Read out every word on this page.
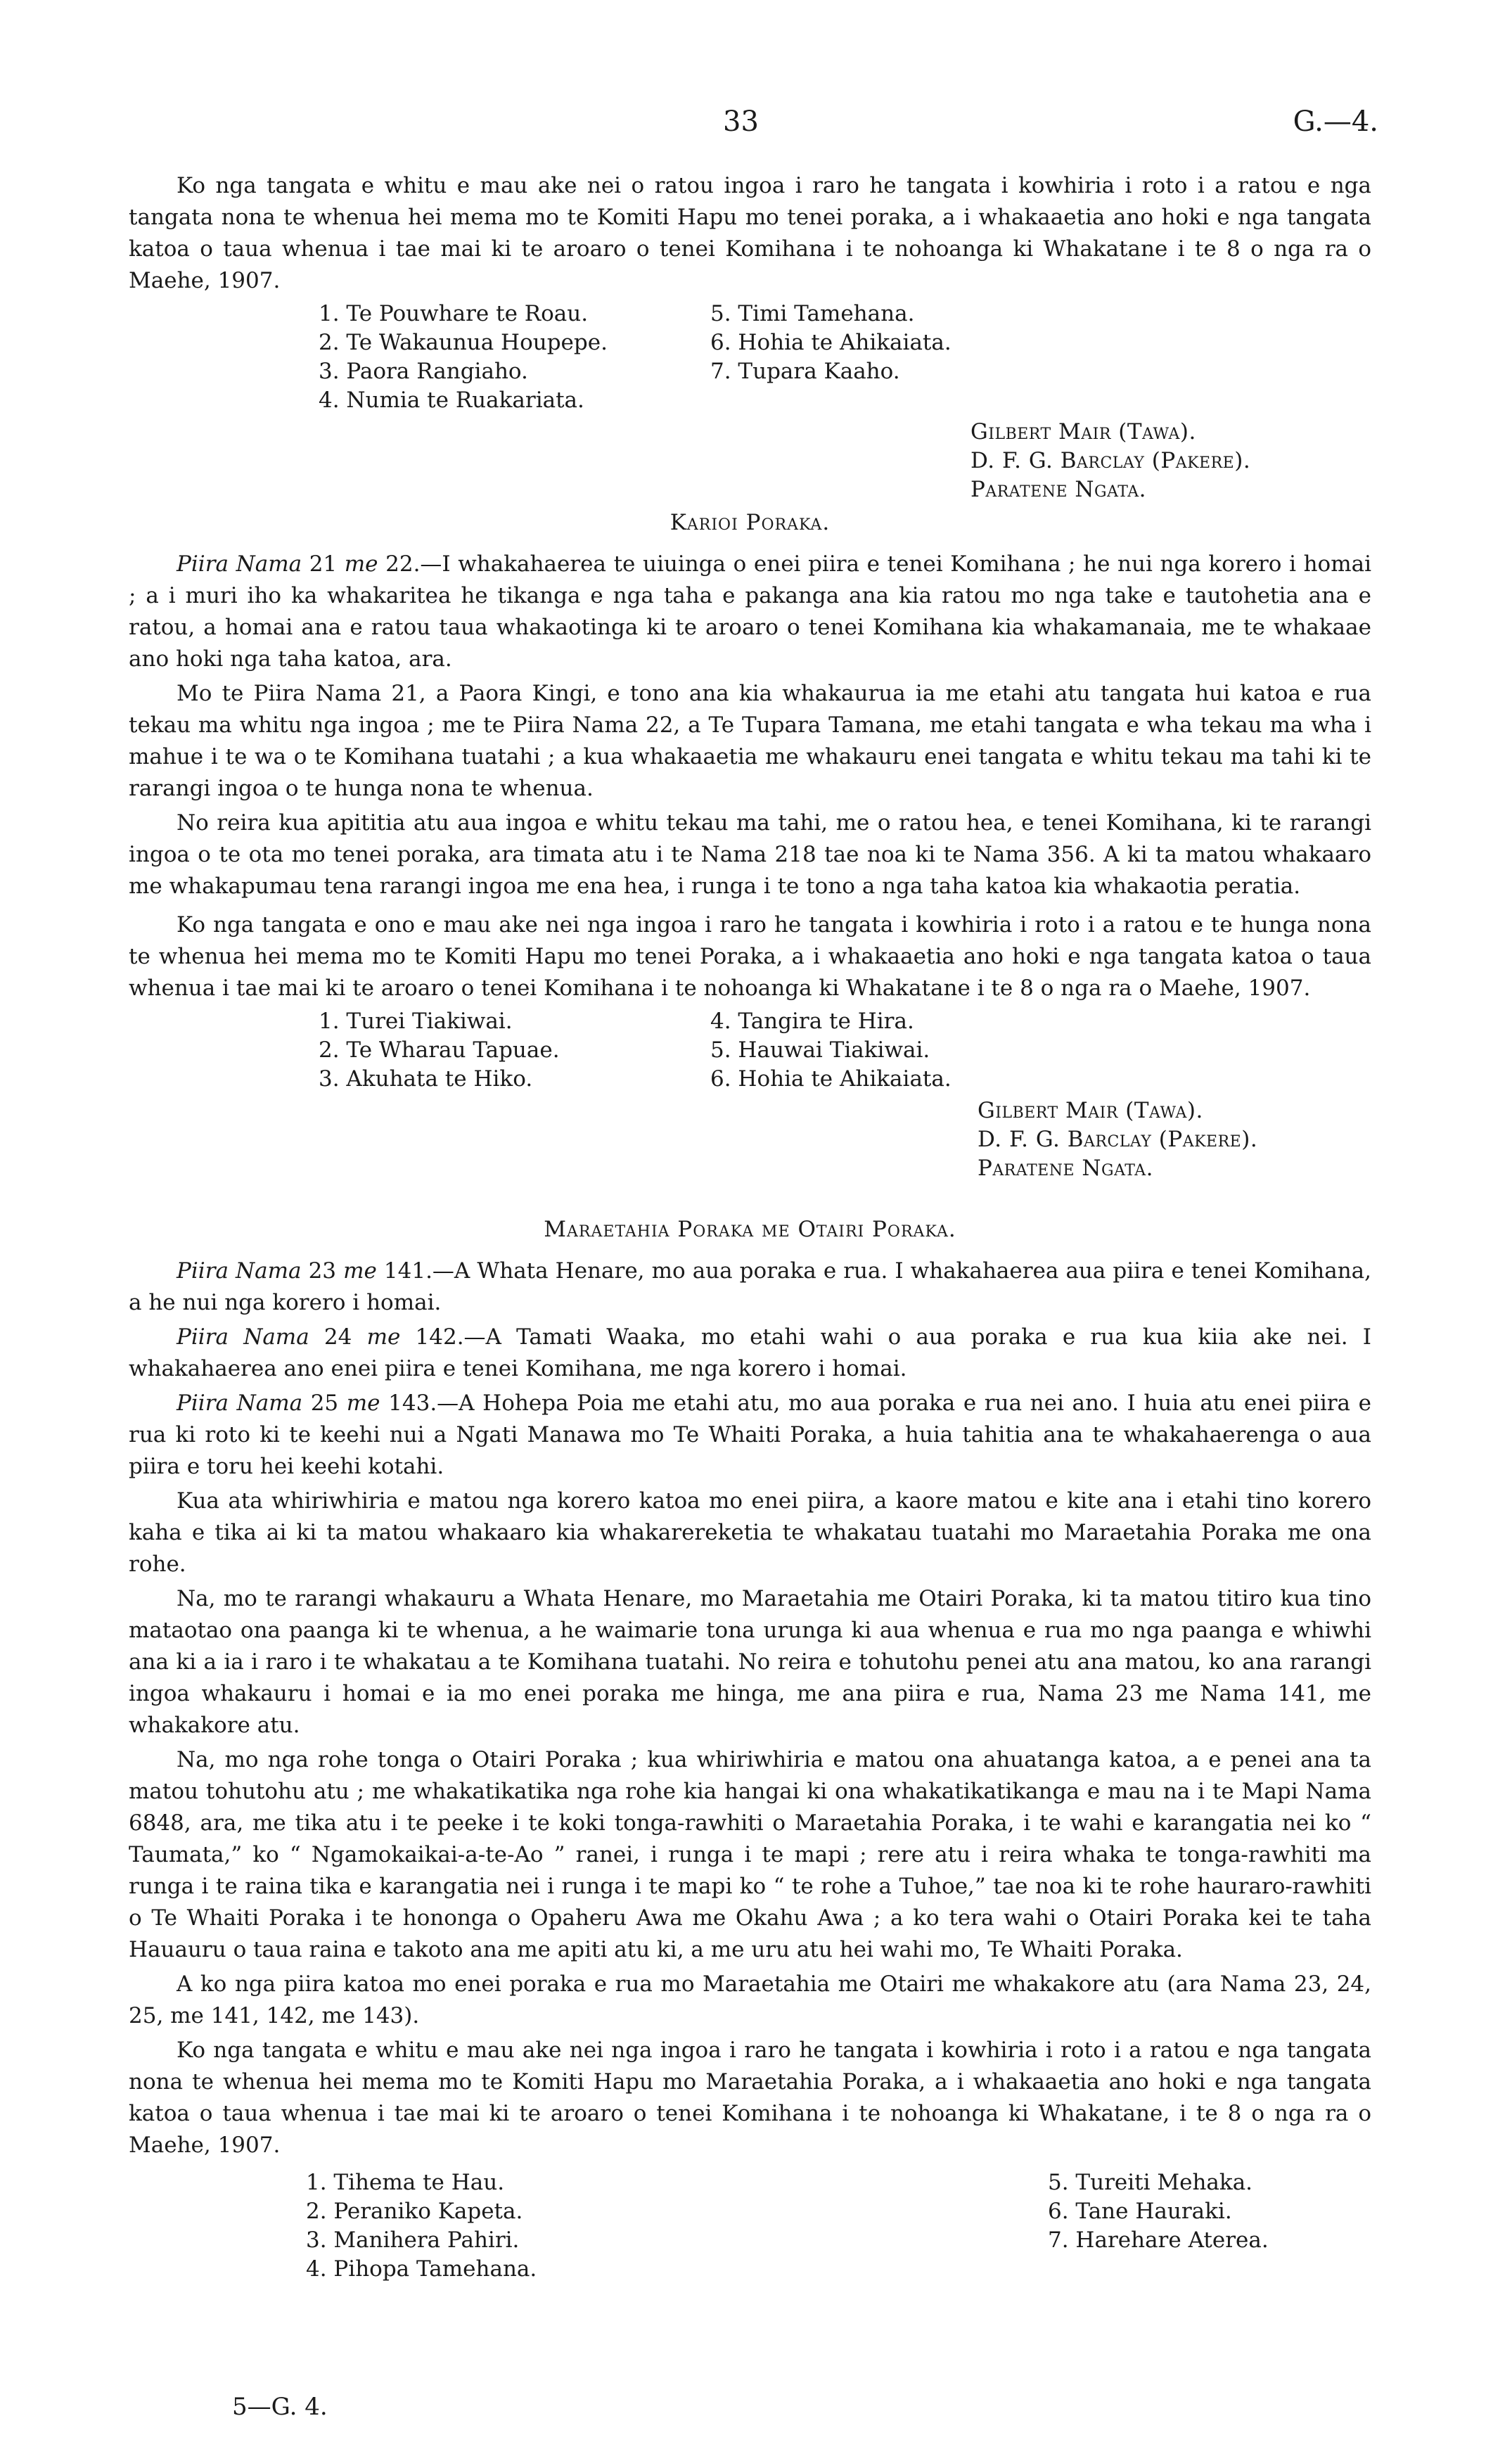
33	G.—4.

Ko nga tangata e whitu e mau ake nei o ratou ingoa i raro he tangata i kowhiria i roto i a ratou e nga tangata nona te whenua hei mema mo te Komiti Hapu mo tenei poraka, a i whakaaetia ano hoki e nga tangata katoa o taua whenua i tae mai ki te aroaro o tenei Komihana i te nohoanga ki Whakatane i te 8 o nga ra o Maehe, 1907.

1. Te Pouwhare te Roau.
2. Te Wakaunua Houpepe.
3. Paora Rangiaho.
4. Numia te Ruakariata.
5. Timi Tamehana.
6. Hohia te Ahikaiata.
7. Tupara Kaaho.
Gilbert Mair (Tawa).
D. F. G. Barclay (Pakere).
Paratene Ngata.
Karioi Poraka.

Piira Nama 21 me 22.—I whakahaerea te uiuinga o enei piira e tenei Komihana ; he nui nga korero i homai ; a i muri iho ka whakaritea he tikanga e nga taha e pakanga ana kia ratou mo nga take e tautohetia ana e ratou, a homai ana e ratou taua whakaotinga ki te aroaro o tenei Komihana kia whakamanaia, me te whakaae ano hoki nga taha katoa, ara.

Mo te Piira Nama 21, a Paora Kingi, e tono ana kia whakaurua ia me etahi atu tangata hui katoa e rua tekau ma whitu nga ingoa ; me te Piira Nama 22, a Te Tupara Tamana, me etahi tangata e wha tekau ma wha i mahue i te wa o te Komihana tuatahi ; a kua whakaaetia me whakauru enei tangata e whitu tekau ma tahi ki te rarangi ingoa o te hunga nona te whenua.

No reira kua apititia atu aua ingoa e whitu tekau ma tahi, me o ratou hea, e tenei Komihana, ki te rarangi ingoa o te ota mo tenei poraka, ara timata atu i te Nama 218 tae noa ki te Nama 356. A ki ta matou whakaaro me whakapumau tena rarangi ingoa me ena hea, i runga i te tono a nga taha katoa kia whakaotia peratia.

Ko nga tangata e ono e mau ake nei nga ingoa i raro he tangata i kowhiria i roto i a ratou e te hunga nona te whenua hei mema mo te Komiti Hapu mo tenei Poraka, a i whakaaetia ano hoki e nga tangata katoa o taua whenua i tae mai ki te aroaro o tenei Komihana i te nohoanga ki Whakatane i te 8 o nga ra o Maehe, 1907.

1. Turei Tiakiwai.
2. Te Wharau Tapuae.
3. Akuhata te Hiko.
4. Tangira te Hira.
5. Hauwai Tiakiwai.
6. Hohia te Ahikaiata.
Gilbert Mair (Tawa).
D. F. G. Barclay (Pakere).
Paratene Ngata.
Maraetahia Poraka me Otairi Poraka.

Piira Nama 23 me 141.—A Whata Henare, mo aua poraka e rua. I whakahaerea aua piira e tenei Komihana, a he nui nga korero i homai.

Piira Nama 24 me 142.—A Tamati Waaka, mo etahi wahi o aua poraka e rua kua kiia ake nei. I whakahaerea ano enei piira e tenei Komihana, me nga korero i homai.

Piira Nama 25 me 143.—A Hohepa Poia me etahi atu, mo aua poraka e rua nei ano. I huia atu enei piira e rua ki roto ki te keehi nui a Ngati Manawa mo Te Whaiti Poraka, a huia tahitia ana te whakahaerenga o aua piira e toru hei keehi kotahi.

Kua ata whiriwhiria e matou nga korero katoa mo enei piira, a kaore matou e kite ana i etahi tino korero kaha e tika ai ki ta matou whakaaro kia whakarereketia te whakatau tuatahi mo Maraetahia Poraka me ona rohe.

Na, mo te rarangi whakauru a Whata Henare, mo Maraetahia me Otairi Poraka, ki ta matou titiro kua tino mataotao ona paanga ki te whenua, a he waimarie tona urunga ki aua whenua e rua mo nga paanga e whiwhi ana ki a ia i raro i te whakatau a te Komihana tuatahi. No reira e tohutohu penei atu ana matou, ko ana rarangi ingoa whakauru i homai e ia mo enei poraka me hinga, me ana piira e rua, Nama 23 me Nama 141, me whakakore atu.

Na, mo nga rohe tonga o Otairi Poraka ; kua whiriwhiria e matou ona ahuatanga katoa, a e penei ana ta matou tohutohu atu ; me whakatikatika nga rohe kia hangai ki ona whakatikatikanga e mau na i te Mapi Nama 6848, ara, me tika atu i te peeke i te koki tonga-rawhiti o Maraetahia Poraka, i te wahi e karangatia nei ko “ Taumata,” ko “ Ngamokaikai-a-te-Ao ” ranei, i runga i te mapi ; rere atu i reira whaka te tonga-rawhiti ma runga i te raina tika e karangatia nei i runga i te mapi ko “ te rohe a Tuhoe,” tae noa ki te rohe hauraro-rawhiti o Te Whaiti Poraka i te hononga o Opaheru Awa me Okahu Awa ; a ko tera wahi o Otairi Poraka kei te taha Hauauru o taua raina e takoto ana me apiti atu ki, a me uru atu hei wahi mo, Te Whaiti Poraka.

A ko nga piira katoa mo enei poraka e rua mo Maraetahia me Otairi me whakakore atu (ara Nama 23, 24, 25, me 141, 142, me 143).

Ko nga tangata e whitu e mau ake nei nga ingoa i raro he tangata i kowhiria i roto i a ratou e nga tangata nona te whenua hei mema mo te Komiti Hapu mo Maraetahia Poraka, a i whakaaetia ano hoki e nga tangata katoa o taua whenua i tae mai ki te aroaro o tenei Komihana i te nohoanga ki Whakatane, i te 8 o nga ra o Maehe, 1907.

1. Tihema te Hau.
2. Peraniko Kapeta.
3. Manihera Pahiri.
4. Pihopa Tamehana.
5. Tureiti Mehaka.
6. Tane Hauraki.
7. Harehare Aterea.
5—G. 4.
